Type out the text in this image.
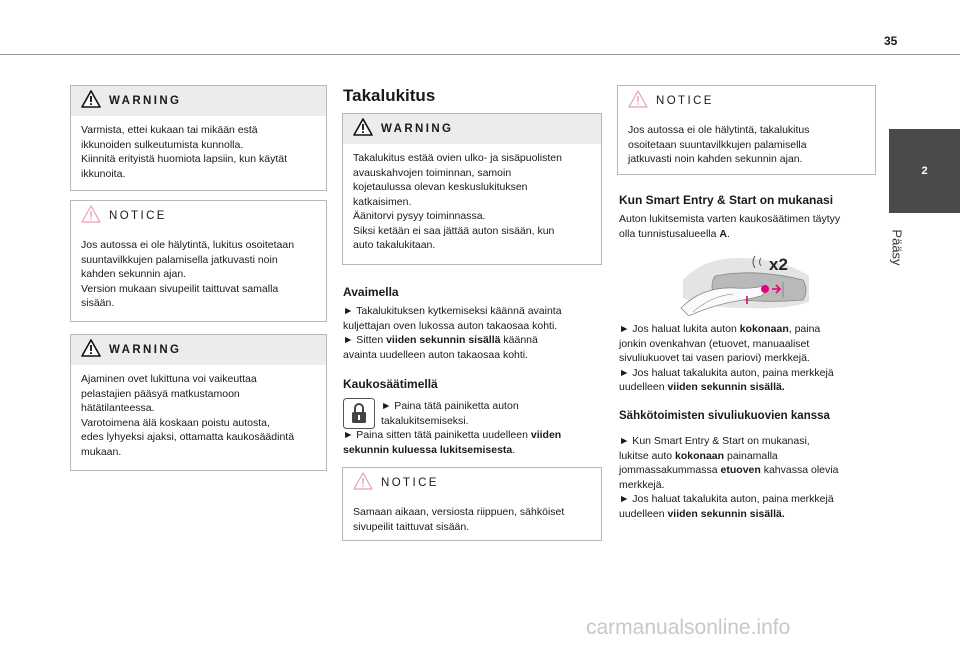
35
2
Pääsy
WARNING

Varmista, ettei kukaan tai mikään estä

ikkunoiden sulkeutumista kunnolla.

Kiinnitä erityistä huomiota lapsiin, kun käytät

ikkunoita.

NOTICE

Jos autossa ei ole hälytintä, lukitus osoitetaan

suuntavilkkujen palamisella jatkuvasti noin

kahden sekunnin ajan.

Version mukaan sivupeilit taittuvat samalla

sisään.

WARNING

Ajaminen ovet lukittuna voi vaikeuttaa

pelastajien pääsyä matkustamoon

hätätilanteessa.

Varotoimena älä koskaan poistu autosta,

edes lyhyeksi ajaksi, ottamatta kaukosäädintä

mukaan.

Takalukitus
WARNING

Takalukitus estää ovien ulko- ja sisäpuolisten

avauskahvojen toiminnan, samoin

kojetaulussa olevan keskuslukituksen

katkaisimen.

Äänitorvi pysyy toiminnassa.

Siksi ketään ei saa jättää auton sisään, kun

auto takalukitaan.

Avaimella

► Takalukituksen kytkemiseksi käännä avainta

kuljettajan oven lukossa auton takaosaa kohti.

► Sitten viiden sekunnin sisällä käännä

avainta uudelleen auton takaosaa kohti.

Kaukosäätimellä

► Paina tätä painiketta auton

takalukitsemiseksi.

► Paina sitten tätä painiketta uudelleen viiden

sekunnin kuluessa lukitsemisesta.

NOTICE

Samaan aikaan, versiosta riippuen, sähköiset

sivupeilit taittuvat sisään.

NOTICE

Jos autossa ei ole hälytintä, takalukitus

osoitetaan suuntavilkkujen palamisella

jatkuvasti noin kahden sekunnin ajan.

Kun Smart Entry & Start on mukanasi

Auton lukitsemista varten kaukosäätimen täytyy

olla tunnistusalueella A.

x2

► Jos haluat lukita auton kokonaan, paina

jonkin ovenkahvan (etuovet, manuaaliset

sivuliukuovet tai vasen pariovi) merkkejä.

► Jos haluat takalukita auton, paina merkkejä

uudelleen viiden sekunnin sisällä.

Sähkötoimisten sivuliukuovien kanssa

► Kun Smart Entry & Start on mukanasi,

lukitse auto kokonaan painamalla

jommassakummassa etuoven kahvassa olevia

merkkejä.

► Jos haluat takalukita auton, paina merkkejä

uudelleen viiden sekunnin sisällä.

carmanualsonline.info
